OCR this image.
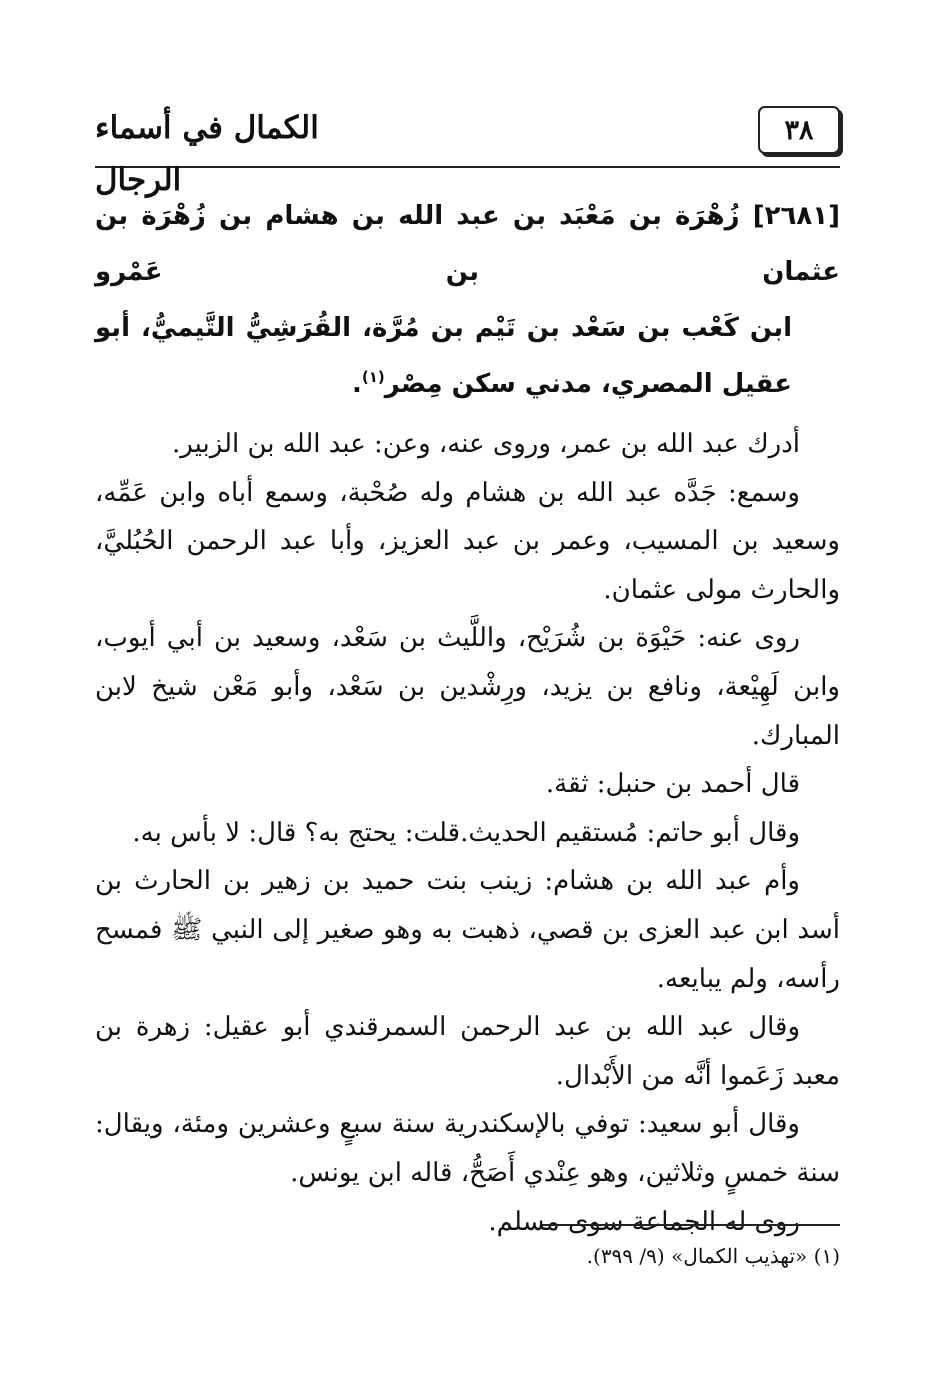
٣٨
الكمال في أسماء الرجال
[٢٦٨١] زُهْرَة بن مَعْبَد بن عبد الله بن هشام بن زُهْرَة بن عثمان بن عَمْرو
ابن كَعْب بن سَعْد بن تَيْم بن مُرَّة، القُرَشِيُّ التَّيميُّ، أبو عقيل المصري، مدني سكن مِصْر$^{(١)}$.

أدرك عبد الله بن عمر، وروى عنه، وعن: عبد الله بن الزبير.

وسمع: جَدَّه عبد الله بن هشام وله صُحْبة، وسمع أباه وابن عَمِّه، وسعيد بن المسيب، وعمر بن عبد العزيز، وأبا عبد الرحمن الحُبُليَّ، والحارث مولى عثمان.

روى عنه: حَيْوَة بن شُرَيْح، واللَّيث بن سَعْد، وسعيد بن أبي أيوب، وابن لَهِيْعة، ونافع بن يزيد، ورِشْدين بن سَعْد، وأبو مَعْن شيخ لابن المبارك.

قال أحمد بن حنبل: ثقة.

وقال أبو حاتم: مُستقيم الحديث.قلت: يحتج به؟ قال: لا بأس به.

وأم عبد الله بن هشام: زينب بنت حميد بن زهير بن الحارث بن أسد ابن عبد العزى بن قصي، ذهبت به وهو صغير إلى النبي ﷺ فمسح رأسه، ولم يبايعه.

وقال عبد الله بن عبد الرحمن السمرقندي أبو عقيل: زهرة بن معبد زَعَموا أنَّه من الأَبْدال.

وقال أبو سعيد: توفي بالإسكندرية سنة سبعٍ وعشرين ومئة، ويقال: سنة خمسٍ وثلاثين، وهو عِنْدي أَصَحُّ، قاله ابن يونس.

روى له الجماعة سوى مسلم.

(١) «تهذيب الكمال» (٩/ ٣٩٩).
